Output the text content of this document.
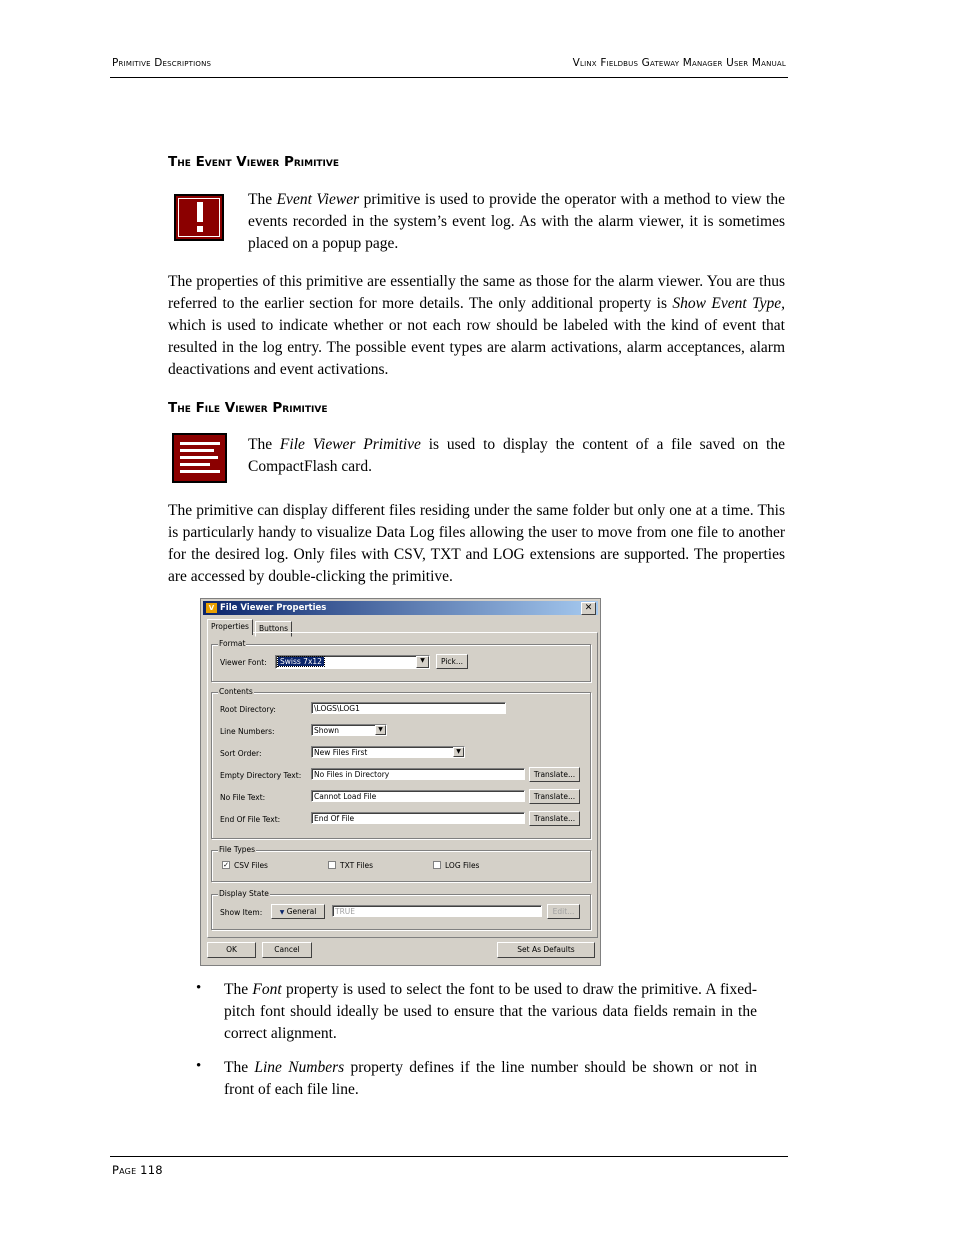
Primitive Descriptions	Vlinx Fieldbus Gateway Manager User Manual
The Event Viewer Primitive
The Event Viewer primitive is used to provide the operator with a method to view the events recorded in the system’s event log. As with the alarm viewer, it is sometimes placed on a popup page.
The properties of this primitive are essentially the same as those for the alarm viewer. You are thus referred to the earlier section for more details. The only additional property is Show Event Type, which is used to indicate whether or not each row should be labeled with the kind of event that resulted in the log entry. The possible event types are alarm activations, alarm acceptances, alarm deactivations and event activations.
The File Viewer Primitive
The File Viewer Primitive is used to display the content of a file saved on the CompactFlash card.
The primitive can display different files residing under the same folder but only one at a time. This is particularly handy to visualize Data Log files allowing the user to move from one file to another for the desired log. Only files with CSV, TXT and LOG extensions are supported. The properties are accessed by double-clicking the primitive.
V File Viewer Properties	✕
Properties	Buttons
Format
Viewer Font:	Swiss 7x12	▼	Pick...
Contents
Root Directory:	\LOGS\LOG1
Line Numbers:	Shown	▼
Sort Order:	New Files First	▼
Empty Directory Text:	No Files in Directory	Translate...
No File Text:	Cannot Load File	Translate...
End Of File Text:	End Of File	Translate...
File Types
✓ CSV Files	TXT Files	LOG Files
Display State
Show Item:	▼ General	TRUE	Edit...
OK	Cancel	Set As Defaults
• The Font property is used to select the font to be used to draw the primitive. A fixed-pitch font should ideally be used to ensure that the various data fields remain in the correct alignment.
• The Line Numbers property defines if the line number should be shown or not in front of each file line.
Page 118
